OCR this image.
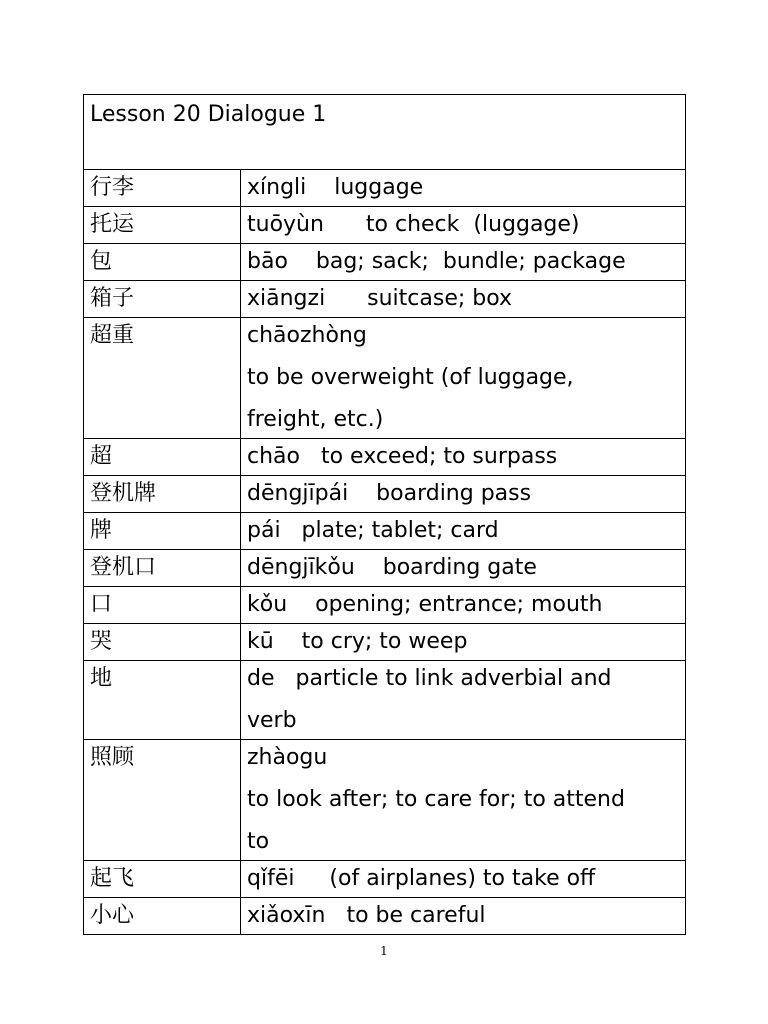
Lesson 20 Dialogue 1	
行李	xíngli    luggage

托运	tuōyùn      to check  (luggage)

包	bāo    bag; sack;  bundle; package

箱子	xiāngzi      suitcase; box

超重	chāozhòng
to be overweight (of luggage,
freight, etc.)

超	chāo   to exceed; to surpass

登机牌	dēngjīpái    boarding pass

牌	pái   plate; tablet; card

登机口	dēngjīkǒu    boarding gate

口	kǒu    opening; entrance; mouth

哭	kū    to cry; to weep

地	de   particle to link adverbial and
verb

照顾	zhàogu
to look after; to care for; to attend
to

起飞	qǐfēi     (of airplanes) to take off

小心	xiǎoxīn   to be careful
1
